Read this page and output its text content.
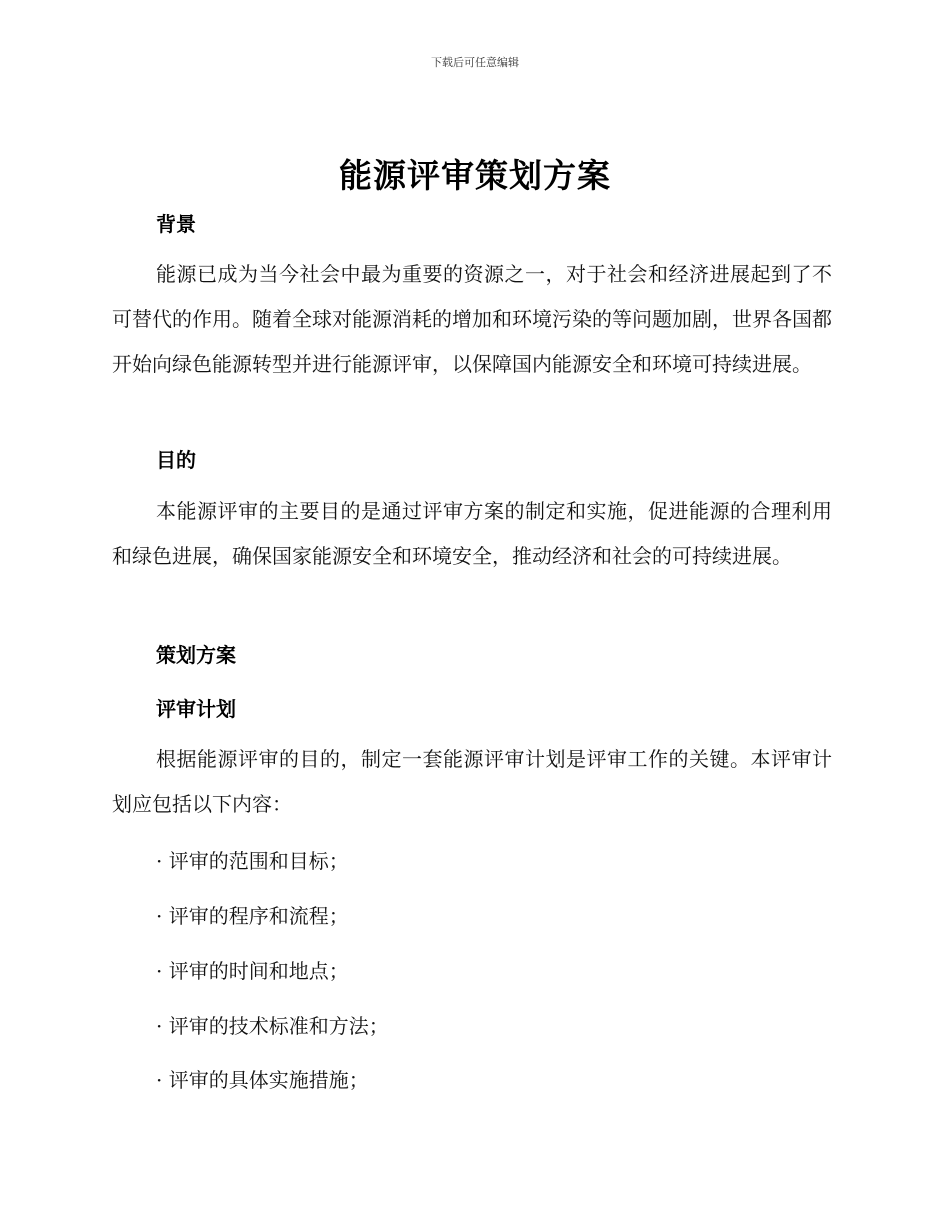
下载后可任意编辑
能源评审策划方案
背景
能源已成为当今社会中最为重要的资源之一，对于社会和经济进展起到了不可替代的作用。随着全球对能源消耗的增加和环境污染的等问题加剧，世界各国都开始向绿色能源转型并进行能源评审，以保障国内能源安全和环境可持续进展。
目的
本能源评审的主要目的是通过评审方案的制定和实施，促进能源的合理利用和绿色进展，确保国家能源安全和环境安全，推动经济和社会的可持续进展。
策划方案
评审计划
根据能源评审的目的，制定一套能源评审计划是评审工作的关键。本评审计划应包括以下内容：
· 评审的范围和目标；
· 评审的程序和流程；
· 评审的时间和地点；
· 评审的技术标准和方法；
· 评审的具体实施措施；
